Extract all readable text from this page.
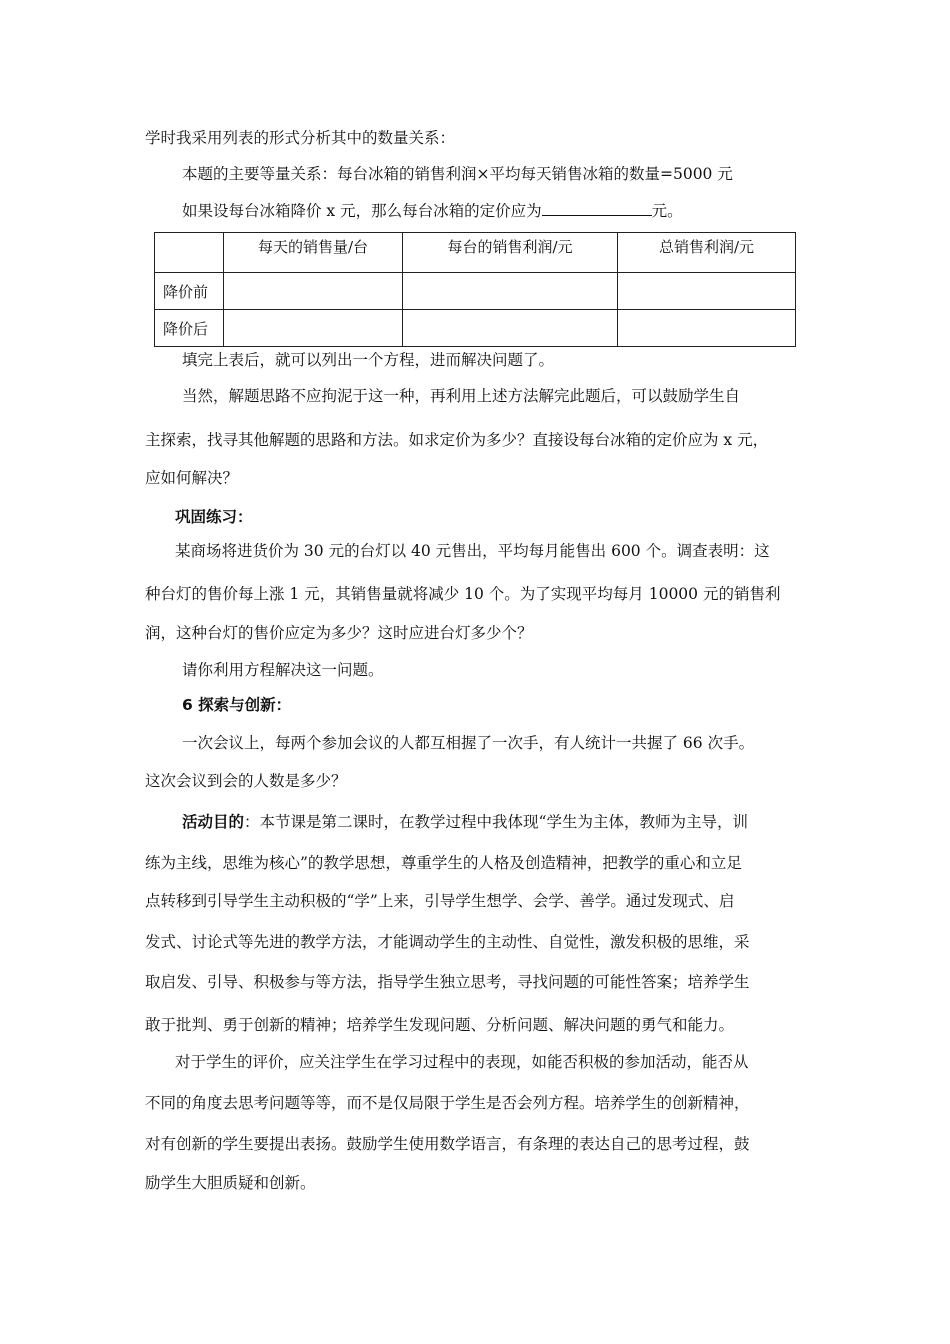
学时我采用列表的形式分析其中的数量关系：
本题的主要等量关系：每台冰箱的销售利润×平均每天销售冰箱的数量=5000 元
如果设每台冰箱降价 x 元，那么每台冰箱的定价应为	元。
	每天的销售量/台	每台的销售利润/元	总销售利润/元
降价前			
降价后			
填完上表后，就可以列出一个方程，进而解决问题了。
当然，解题思路不应拘泥于这一种，再利用上述方法解完此题后，可以鼓励学生自
主探索，找寻其他解题的思路和方法。如求定价为多少？直接设每台冰箱的定价应为 x 元，
应如何解决？
巩固练习：
某商场将进货价为 30 元的台灯以 40 元售出，平均每月能售出 600 个。调查表明：这
种台灯的售价每上涨 1 元，其销售量就将减少 10 个。为了实现平均每月 10000 元的销售利
润，这种台灯的售价应定为多少？这时应进台灯多少个？
请你利用方程解决这一问题。
6 探索与创新：
一次会议上，每两个参加会议的人都互相握了一次手，有人统计一共握了 66 次手。
这次会议到会的人数是多少？
活动目的：本节课是第二课时，在教学过程中我体现“学生为主体，教师为主导，训
练为主线，思维为核心”的教学思想，尊重学生的人格及创造精神，把教学的重心和立足
点转移到引导学生主动积极的“学”上来，引导学生想学、会学、善学。通过发现式、启
发式、讨论式等先进的教学方法，才能调动学生的主动性、自觉性，激发积极的思维，采
取启发、引导、积极参与等方法，指导学生独立思考，寻找问题的可能性答案；培养学生
敢于批判、勇于创新的精神；培养学生发现问题、分析问题、解决问题的勇气和能力。
对于学生的评价，应关注学生在学习过程中的表现，如能否积极的参加活动，能否从
不同的角度去思考问题等等，而不是仅局限于学生是否会列方程。培养学生的创新精神，
对有创新的学生要提出表扬。鼓励学生使用数学语言，有条理的表达自己的思考过程，鼓
励学生大胆质疑和创新。
